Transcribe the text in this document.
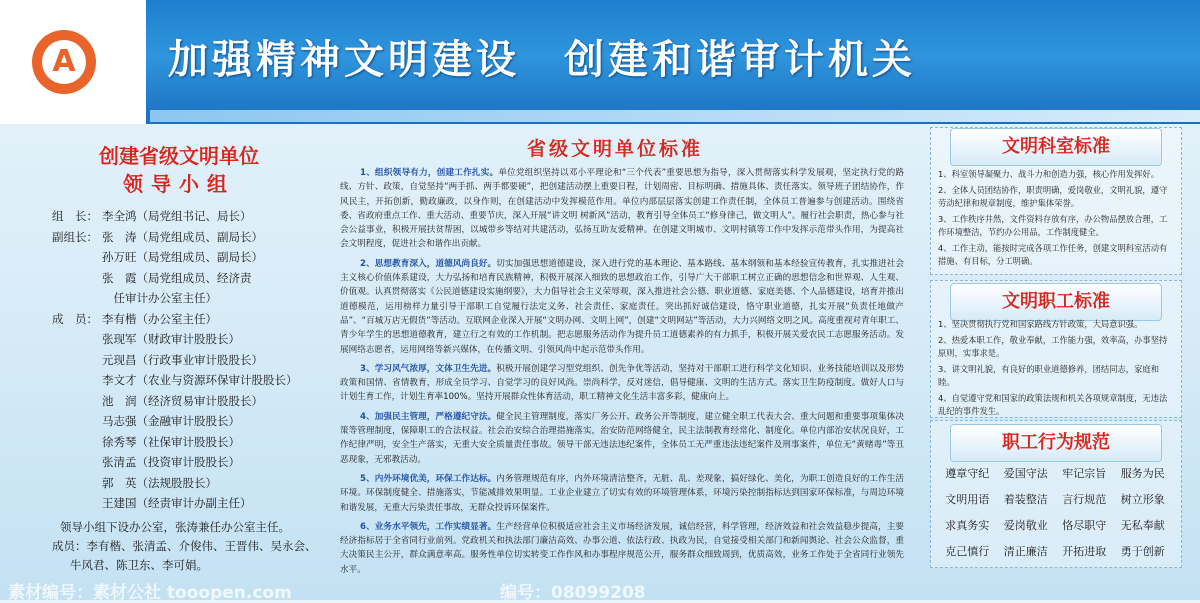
A 加强精神文明建设　创建和谐审计机关
创建省级文明单位
领导小组
组　长： 李全鸿（局党组书记、局长）
副组长： 张　涛（局党组成员、副局长）
孙万旺（局党组成员、副局长）
张　霞（局党组成员、经济责
　任审计办公室主任）
成　员： 李有楷（办公室主任）
张现军（财政审计股股长）
元现昌（行政事业审计股股长）
李文才（农业与资源环保审计股股长）
池　润（经济贸易审计股股长）
马志强（金融审计股股长）
徐秀琴（社保审计股股长）
张清孟（投资审计股股长）
郭　英（法规股股长）
王建国（经责审计办副主任）
领导小组下设办公室，张涛兼任办公室主任。
成员：李有楷、张清孟、介俊伟、王晋伟、吴永会、
牛风君、陈卫东、李可娟。
省级文明单位标准
1、组织领导有力，创建工作扎实。单位党组织坚持以邓小平理论和“三个代表”重要思想为指导，深入贯彻落实科学发展观，坚定执行党的路线、方针、政策，自觉坚持“两手抓、两手都要硬”，把创建活动摆上重要日程，计划周密、目标明确、措施具体、责任落实。领导班子团结协作，作风民主，开拓创新，勤政廉政，以身作则，在创建活动中发挥模范作用。单位内部层层落实创建工作责任制，全体员工普遍参与创建活动。围绕省委、省政府重点工作、重大活动、重要节庆，深入开展“讲文明 树新风”活动，教育引导全体员工“修身律己，做文明人”。履行社会职责，热心参与社会公益事业，积极开展扶贫帮困，以城带乡等结对共建活动，弘扬互助友爱精神。在创建文明城市、文明村镇等工作中发挥示范带头作用，为提高社会文明程度，促进社会和谐作出贡献。
2、思想教育深入，道德风尚良好。切实加强思想道德建设，深入进行党的基本理论、基本路线、基本纲领和基本经验宣传教育，扎实推进社会主义核心价值体系建设，大力弘扬和培育民族精神，积极开展深入细致的思想政治工作，引导广大干部职工树立正确的思想信念和世界观、人生观、价值观。认真贯彻落实《公民道德建设实施纲要》，大力倡导社会主义荣辱观，深入推进社会公德、职业道德、家庭美德、个人品德建设，培育并推出道德模范，运用榜样力量引导干部职工自觉履行法定义务、社会责任、家庭责任。突出抓好诚信建设，恪守职业道德，扎实开展“负责任地做产品”、“百城万店无假货”等活动。互联网企业深入开展“文明办网、文明上网”，创建“文明网站”等活动，大力兴网络文明之风。高度重视对青年职工、青少年学生的思想道德教育，建立行之有效的工作机制。把志愿服务活动作为提升员工道德素养的有力抓手，积极开展关爱农民工志愿服务活动。发展网络志愿者，运用网络等新兴媒体，在传播文明、引领风尚中起示范带头作用。
3、学习风气浓厚，文体卫生先进。积极开展创建学习型党组织、创先争优等活动，坚持对干部职工进行科学文化知识、业务技能培训以及形势政策和国情、省情教育，形成全员学习、自觉学习的良好风尚。崇尚科学，反对迷信，倡导健康、文明的生活方式。落实卫生防疫制度。做好人口与计划生育工作，计划生育率100%。坚持开展群众性体育活动，职工精神文化生活丰富多彩，健康向上。
4、加强民主管理，严格遵纪守法。健全民主管理制度，落实厂务公开、政务公开等制度，建立健全职工代表大会、重大问题和重要事项集体决策等管理制度，保障职工的合法权益。社会治安综合治理措施落实，治安防范网络健全，民主法制教育经常化、制度化。单位内部治安状况良好，工作纪律严明，安全生产落实，无重大安全质量责任事故。领导干部无违法违纪案件，全体员工无严重违法违纪案件及刑事案件，单位无“黄赌毒”等丑恶现象，无邪教活动。
5、内外环境优美，环保工作达标。内务管理规范有序，内外环境清洁整齐，无脏、乱、差现象，搞好绿化、美化，为职工创造良好的工作生活环境。环保制度健全、措施落实，节能减排效果明显。工业企业建立了切实有效的环境管理体系，环境污染控制指标达到国家环保标准，与周边环境和谐发展，无重大污染责任事故，无群众投诉环保案件。
6、业务水平领先，工作实绩显著。生产经营单位积极适应社会主义市场经济发展，诚信经营，科学管理，经济效益和社会效益稳步提高，主要经济指标居于全省同行业前列。党政机关和执法部门廉洁高效、办事公道、依法行政、执政为民，自觉接受相关部门和新闻舆论、社会公众监督，重大决策民主公开，群众满意率高。服务性单位切实转变工作作风和办事程序规范公开，服务群众细致周到，优质高效，业务工作处于全省同行业领先水平。
文明科室标准
1、科室领导凝聚力、战斗力和创造力强，核心作用发挥好。
2、全体人员团结协作，职责明确，爱岗敬业，文明礼貌，遵守劳动纪律和规章制度，维护集体荣誉。
3、工作秩序井然，文件资料存放有序，办公物品摆放合理，工作环境整洁，节约办公用品，工作制度健全。
4、工作主动，能按时完成各项工作任务，创建文明科室活动有措施、有目标，分工明确。
文明职工标准
1、坚决贯彻执行党和国家路线方针政策，大局意识强。
2、热爱本职工作，敬业奉献，工作能力强，效率高，办事坚持原则，实事求是。
3、讲文明礼貌，有良好的职业道德修养，团结同志，家庭和睦。
4、自觉遵守党和国家的政策法规和机关各项规章制度，无违法乱纪的事件发生。
职工行为规范
遵章守纪	爱国守法	牢记宗旨	服务为民
文明用语	着装整洁	言行规范	树立形象
求真务实	爱岗敬业	恪尽职守	无私奉献
克己慎行	清正廉洁	开拓进取	勇于创新
素材编号：素材公社 tooopen.com	编号：08099208
